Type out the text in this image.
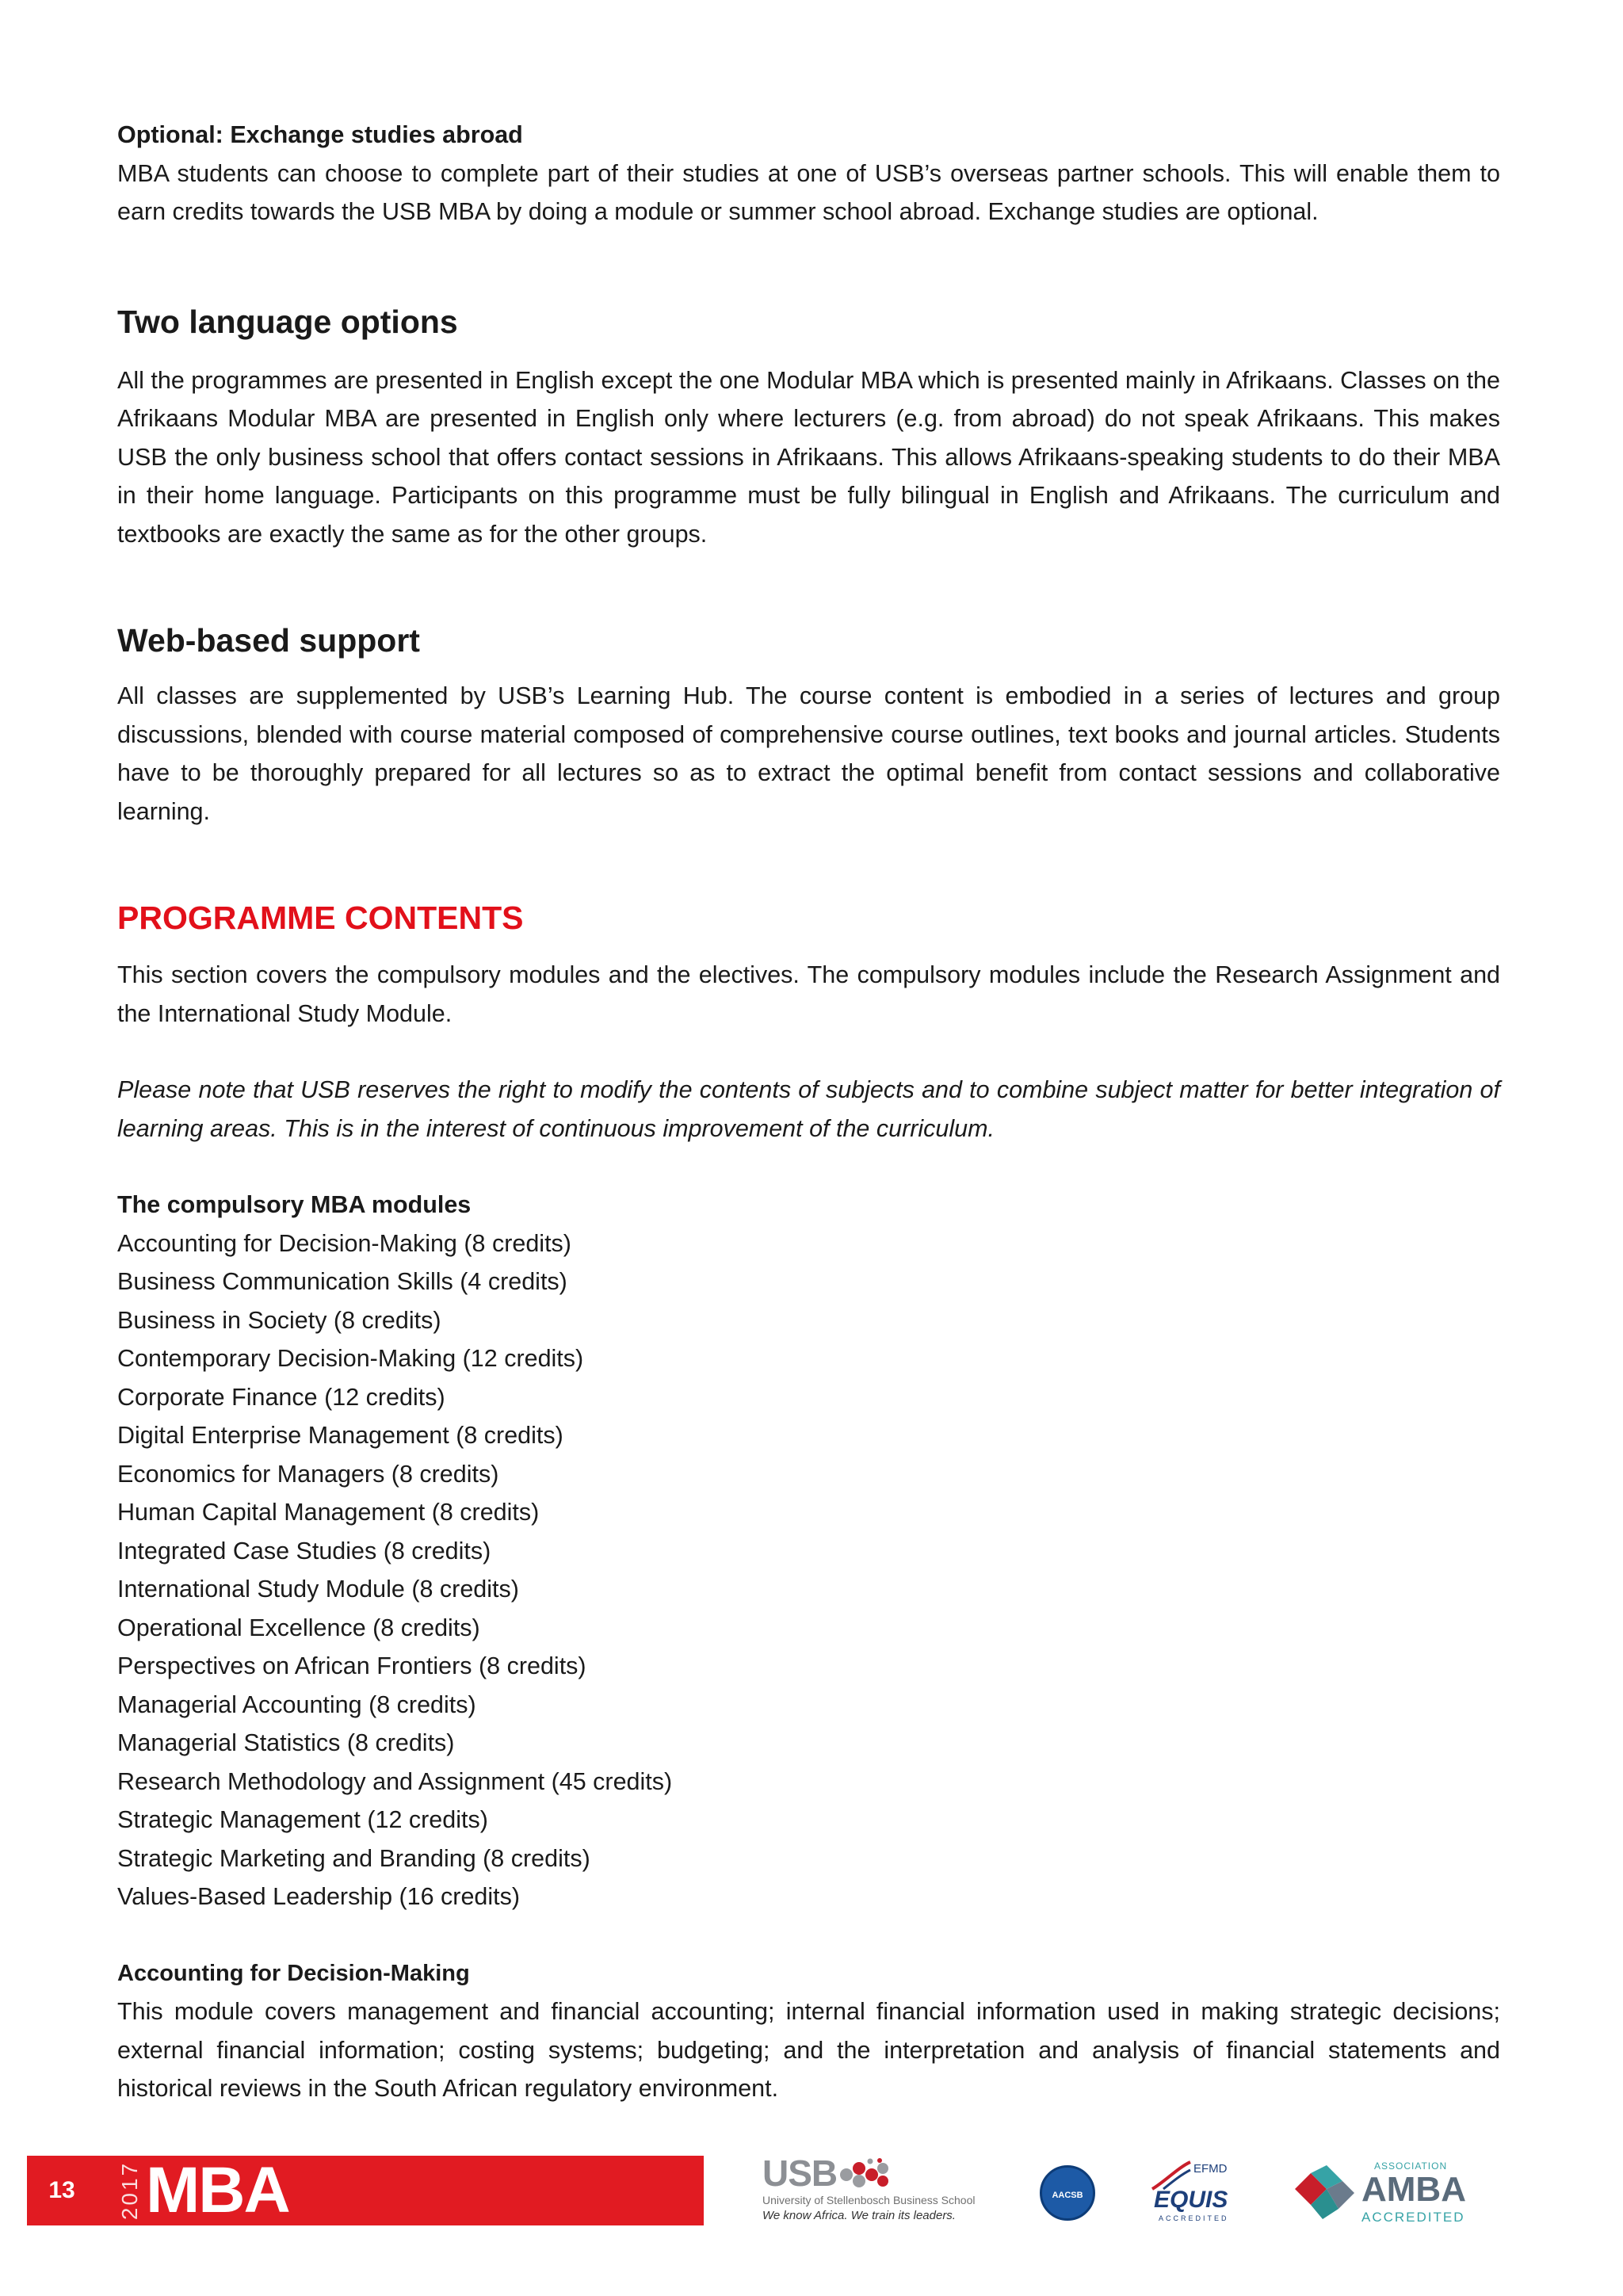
Optional: Exchange studies abroad

MBA students can choose to complete part of their studies at one of USB’s overseas partner schools. This will enable them to earn credits towards the USB MBA by doing a module or summer school abroad. Exchange studies are optional.

Two language options

All the programmes are presented in English except the one Modular MBA which is presented mainly in Afrikaans. Classes on the Afrikaans Modular MBA are presented in English only where lecturers (e.g. from abroad) do not speak Afrikaans. This makes USB the only business school that offers contact sessions in Afrikaans. This allows Afrikaans-speaking students to do their MBA in their home language. Participants on this programme must be fully bilingual in English and Afrikaans. The curriculum and textbooks are exactly the same as for the other groups.

Web-based support

All classes are supplemented by USB’s Learning Hub. The course content is embodied in a series of lectures and group discussions, blended with course material composed of comprehensive course outlines, text books and journal articles. Students have to be thoroughly prepared for all lectures so as to extract the optimal benefit from contact sessions and collaborative learning.

PROGRAMME CONTENTS

This section covers the compulsory modules and the electives. The compulsory modules include the Research Assignment and the International Study Module.

Please note that USB reserves the right to modify the contents of subjects and to combine subject matter for better integration of learning areas. This is in the interest of continuous improvement of the curriculum.

The compulsory MBA modules

Accounting for Decision-Making (8 credits)

Business Communication Skills (4 credits)

Business in Society (8 credits)

Contemporary Decision-Making (12 credits)

Corporate Finance (12 credits)

Digital Enterprise Management (8 credits)

Economics for Managers (8 credits)

Human Capital Management (8 credits)

Integrated Case Studies (8 credits)

International Study Module (8 credits)

Operational Excellence (8 credits)

Perspectives on African Frontiers (8 credits)

Managerial Accounting (8 credits)

Managerial Statistics (8 credits)

Research Methodology and Assignment (45 credits)

Strategic Management (12 credits)

Strategic Marketing and Branding (8 credits)

Values-Based Leadership (16 credits)

Accounting for Decision-Making

This module covers management and financial accounting; internal financial information used in making strategic decisions; external financial information; costing systems; budgeting; and the interpretation and analysis of financial statements and historical reviews in the South African regulatory environment.

13	2017 MBA	USB
University of Stellenbosch Business School
We know Africa. We train its leaders.
AACSB
EFMD
EQUIS
ACCREDITED
ASSOCIATION
AMBA
ACCREDITED
